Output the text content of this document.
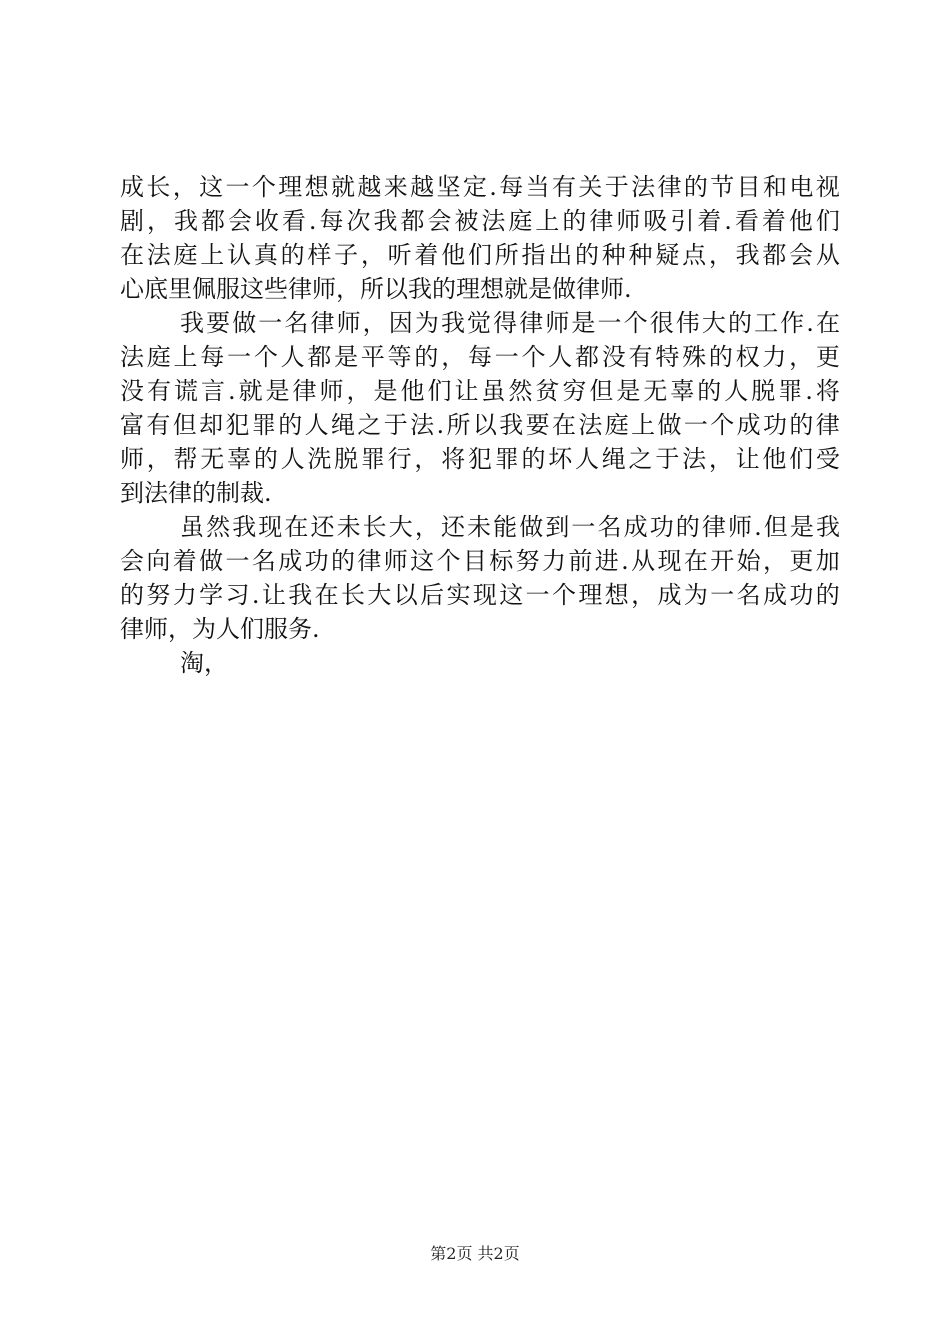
成 长 ， 这 一 个 理 想 就 越 来 越 坚 定 . 每 当 有 关 于 法 律 的 节 目 和 电 视
剧 ， 我 都 会 收 看 . 每 次 我 都 会 被 法 庭 上 的 律 师 吸 引 着 . 看 着 他 们
在 法 庭 上 认 真 的 样 子 ， 听 着 他 们 所 指 出 的 种 种 疑 点 ， 我 都 会 从
心底里佩服这些律师，所以我的理想就是做律师.
我 要 做 一 名 律 师 ， 因 为 我 觉 得 律 师 是 一 个 很 伟 大 的 工 作 . 在
法 庭 上 每 一 个 人 都 是 平 等 的 ， 每 一 个 人 都 没 有 特 殊 的 权 力 ， 更
没 有 谎 言 . 就 是 律 师 ， 是 他 们 让 虽 然 贫 穷 但 是 无 辜 的 人 脱 罪 . 将
富 有 但 却 犯 罪 的 人 绳 之 于 法 . 所 以 我 要 在 法 庭 上 做 一 个 成 功 的 律
师 ， 帮 无 辜 的 人 洗 脱 罪 行 ， 将 犯 罪 的 坏 人 绳 之 于 法 ， 让 他 们 受
到法律的制裁.
虽 然 我 现 在 还 未 长 大 ， 还 未 能 做 到 一 名 成 功 的 律 师 . 但 是 我
会 向 着 做 一 名 成 功 的 律 师 这 个 目 标 努 力 前 进 . 从 现 在 开 始 ， 更 加
的 努 力 学 习 . 让 我 在 长 大 以 后 实 现 这 一 个 理 想 ， 成 为 一 名 成 功 的
律师，为人们服务.
淘，
第2页 共2页
